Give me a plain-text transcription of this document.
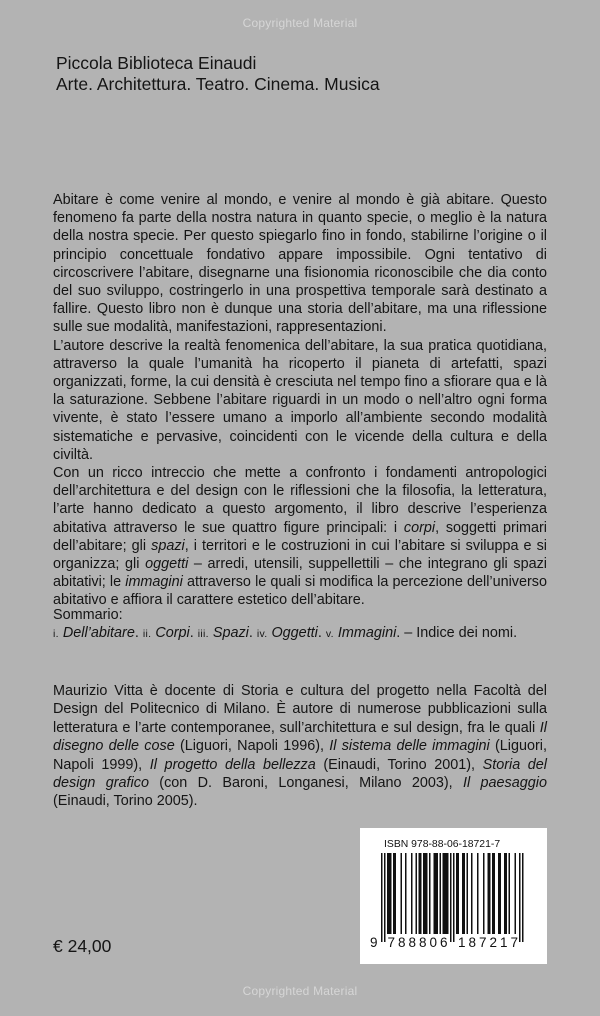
Copyrighted Material
Piccola Biblioteca Einaudi
Arte. Architettura. Teatro. Cinema. Musica

Abitare è come venire al mondo, e venire al mondo è già abitare. Questo fenomeno fa parte della nostra natura in quanto specie, o meglio è la natura della nostra specie. Per questo spiegarlo fino in fondo, stabilirne l’origine o il principio concettuale fondativo appare impossibile. Ogni tentativo di circoscrivere l’abitare, disegnarne una fisionomia riconoscibile che dia conto del suo sviluppo, costringerlo in una prospettiva temporale sarà destinato a fallire. Questo libro non è dunque una storia dell’abitare, ma una riflessione sulle sue modalità, manifestazioni, rappresentazioni.

L’autore descrive la realtà fenomenica dell’abitare, la sua pratica quotidiana, attraverso la quale l’umanità ha ricoperto il pianeta di artefatti, spazi organizzati, forme, la cui densità è cresciuta nel tempo fino a sfiorare qua e là la saturazione. Sebbene l’abitare riguardi in un modo o nell’altro ogni forma vivente, è stato l’essere umano a imporlo all’ambiente secondo modalità sistematiche e pervasive, coincidenti con le vicende della cultura e della civiltà.

Con un ricco intreccio che mette a confronto i fondamenti antropologici dell’architettura e del design con le riflessioni che la filosofia, la letteratura, l’arte hanno dedicato a questo argomento, il libro descrive l’esperienza abitativa attraverso le sue quattro figure principali: i corpi, soggetti primari dell’abitare; gli spazi, i territori e le costruzioni in cui l’abitare si sviluppa e si organizza; gli oggetti – arredi, utensili, suppellettili – che integrano gli spazi abitativi; le immagini attraverso le quali si modifica la percezione dell’universo abitativo e affiora il carattere estetico dell’abitare.

Sommario:

i. Dell’abitare. ii. Corpi. iii. Spazi. iv. Oggetti. v. Immagini. – Indice dei nomi.

Maurizio Vitta è docente di Storia e cultura del progetto nella Facoltà del Design del Politecnico di Milano. È autore di numerose pubblicazioni sulla letteratura e l’arte contemporanee, sull’architettura e sul design, fra le quali Il disegno delle cose (Liguori, Napoli 1996), Il sistema delle immagini (Liguori, Napoli 1999), Il progetto della bellezza (Einaudi, Torino 2001), Storia del design grafico (con D. Baroni, Longanesi, Milano 2003), Il paesaggio (Einaudi, Torino 2005).

€ 24,00
ISBN 978-88-06-18721-7
9 7 8 8 8 0 6 1 8 7 2 1 7
Copyrighted Material
